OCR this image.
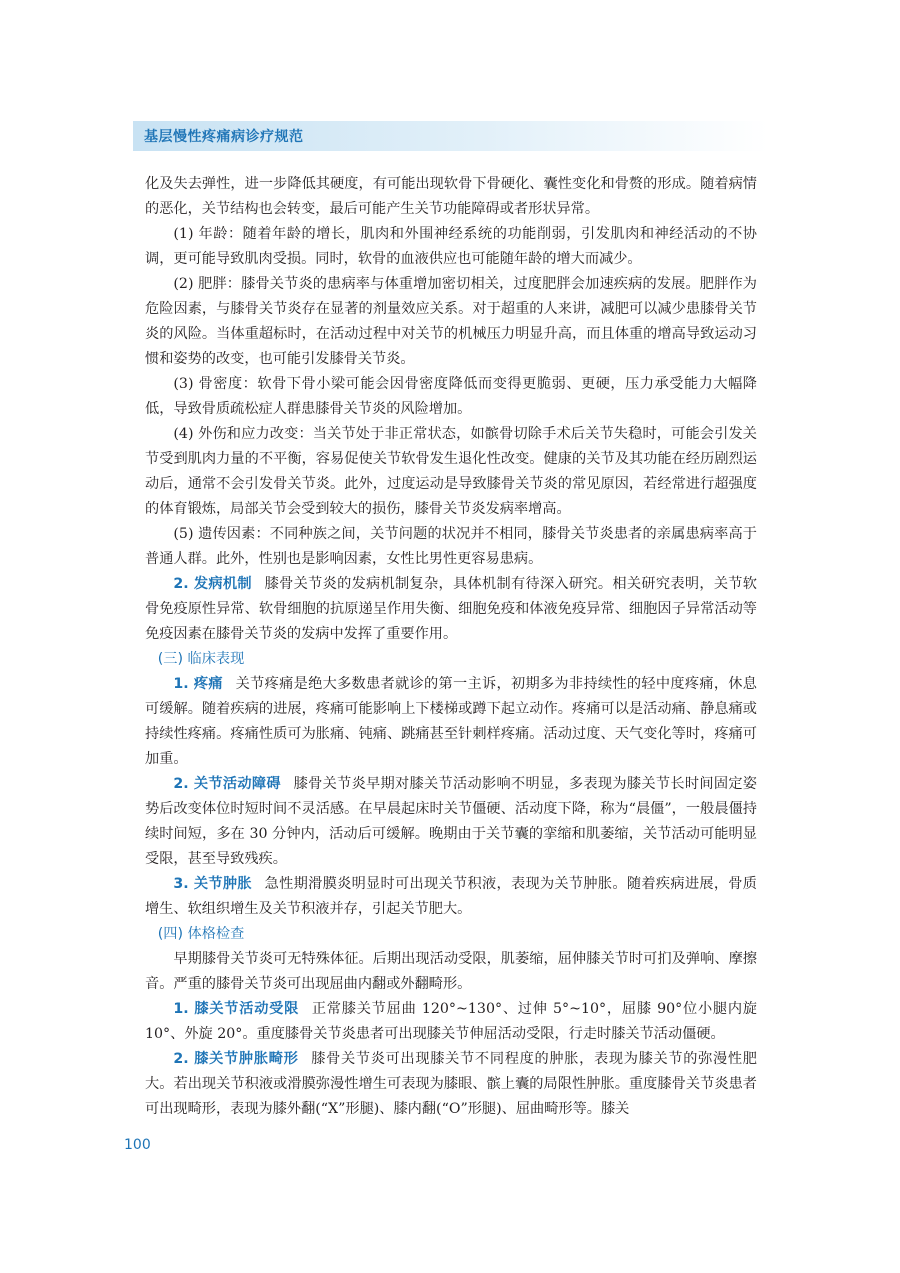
基层慢性疼痛病诊疗规范

化及失去弹性，进一步降低其硬度，有可能出现软骨下骨硬化、囊性变化和骨赘的形成。随着病情的恶化，关节结构也会转变，最后可能产生关节功能障碍或者形状异常。

(1) 年龄：随着年龄的增长，肌肉和外围神经系统的功能削弱，引发肌肉和神经活动的不协调，更可能导致肌肉受损。同时，软骨的血液供应也可能随年龄的增大而减少。

(2) 肥胖：膝骨关节炎的患病率与体重增加密切相关，过度肥胖会加速疾病的发展。肥胖作为危险因素，与膝骨关节炎存在显著的剂量效应关系。对于超重的人来讲，减肥可以减少患膝骨关节炎的风险。当体重超标时，在活动过程中对关节的机械压力明显升高，而且体重的增高导致运动习惯和姿势的改变，也可能引发膝骨关节炎。

(3) 骨密度：软骨下骨小梁可能会因骨密度降低而变得更脆弱、更硬，压力承受能力大幅降低，导致骨质疏松症人群患膝骨关节炎的风险增加。

(4) 外伤和应力改变：当关节处于非正常状态，如髌骨切除手术后关节失稳时，可能会引发关节受到肌肉力量的不平衡，容易促使关节软骨发生退化性改变。健康的关节及其功能在经历剧烈运动后，通常不会引发骨关节炎。此外，过度运动是导致膝骨关节炎的常见原因，若经常进行超强度的体育锻炼，局部关节会受到较大的损伤，膝骨关节炎发病率增高。

(5) 遗传因素：不同种族之间，关节问题的状况并不相同，膝骨关节炎患者的亲属患病率高于普通人群。此外，性别也是影响因素，女性比男性更容易患病。

2. 发病机制 膝骨关节炎的发病机制复杂，具体机制有待深入研究。相关研究表明，关节软骨免疫原性异常、软骨细胞的抗原递呈作用失衡、细胞免疫和体液免疫异常、细胞因子异常活动等免疫因素在膝骨关节炎的发病中发挥了重要作用。

(三) 临床表现

1. 疼痛 关节疼痛是绝大多数患者就诊的第一主诉，初期多为非持续性的轻中度疼痛，休息可缓解。随着疾病的进展，疼痛可能影响上下楼梯或蹲下起立动作。疼痛可以是活动痛、静息痛或持续性疼痛。疼痛性质可为胀痛、钝痛、跳痛甚至针刺样疼痛。活动过度、天气变化等时，疼痛可加重。

2. 关节活动障碍 膝骨关节炎早期对膝关节活动影响不明显，多表现为膝关节长时间固定姿势后改变体位时短时间不灵活感。在早晨起床时关节僵硬、活动度下降，称为“晨僵”，一般晨僵持续时间短，多在 30 分钟内，活动后可缓解。晚期由于关节囊的挛缩和肌萎缩，关节活动可能明显受限，甚至导致残疾。

3. 关节肿胀 急性期滑膜炎明显时可出现关节积液，表现为关节肿胀。随着疾病进展，骨质增生、软组织增生及关节积液并存，引起关节肥大。

(四) 体格检查

早期膝骨关节炎可无特殊体征。后期出现活动受限，肌萎缩，屈伸膝关节时可扪及弹响、摩擦音。严重的膝骨关节炎可出现屈曲内翻或外翻畸形。

1. 膝关节活动受限 正常膝关节屈曲 120°~130°、过伸 5°~10°，屈膝 90°位小腿内旋 10°、外旋 20°。重度膝骨关节炎患者可出现膝关节伸屈活动受限，行走时膝关节活动僵硬。

2. 膝关节肿胀畸形 膝骨关节炎可出现膝关节不同程度的肿胀，表现为膝关节的弥漫性肥大。若出现关节积液或滑膜弥漫性增生可表现为膝眼、髌上囊的局限性肿胀。重度膝骨关节炎患者可出现畸形，表现为膝外翻(“X”形腿)、膝内翻(“O”形腿)、屈曲畸形等。膝关

100
